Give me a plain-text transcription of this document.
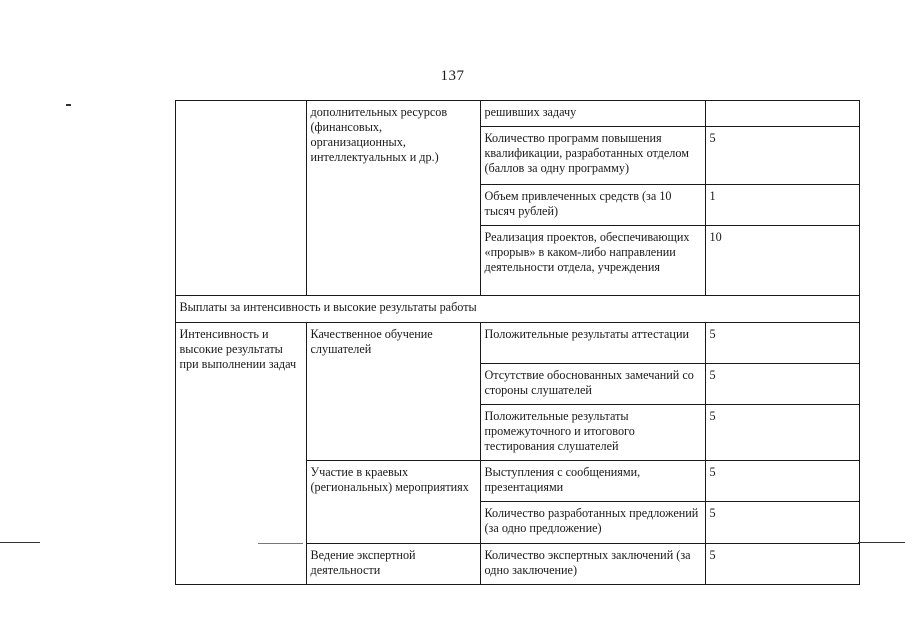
137
		дополнительных ресурсов (финансовых, организационных, интеллектуальных и др.)	решивших задачу	
			Количество программ повышения квалификации, разработанных отделом (баллов за одну программу)	5
			Объем привлеченных средств (за 10 тысяч рублей)	1
			Реализация проектов, обеспечивающих «прорыв» в каком-либо направлении деятельности отдела, учреждения	10
	Выплаты за интенсивность и высокие результаты работы			
	Интенсивность и высокие результаты при выполнении задач	Качественное обучение слушателей	Положительные результаты аттестации	5
			Отсутствие обоснованных замечаний со стороны слушателей	5
			Положительные результаты промежуточного и итогового тестирования слушателей	5
		Участие в краевых (региональных) мероприятиях	Выступления с сообщениями, презентациями	5
			Количество разработанных предложений (за одно предложение)	5
		Ведение экспертной деятельности	Количество экспертных заключений (за одно заключение)	5
